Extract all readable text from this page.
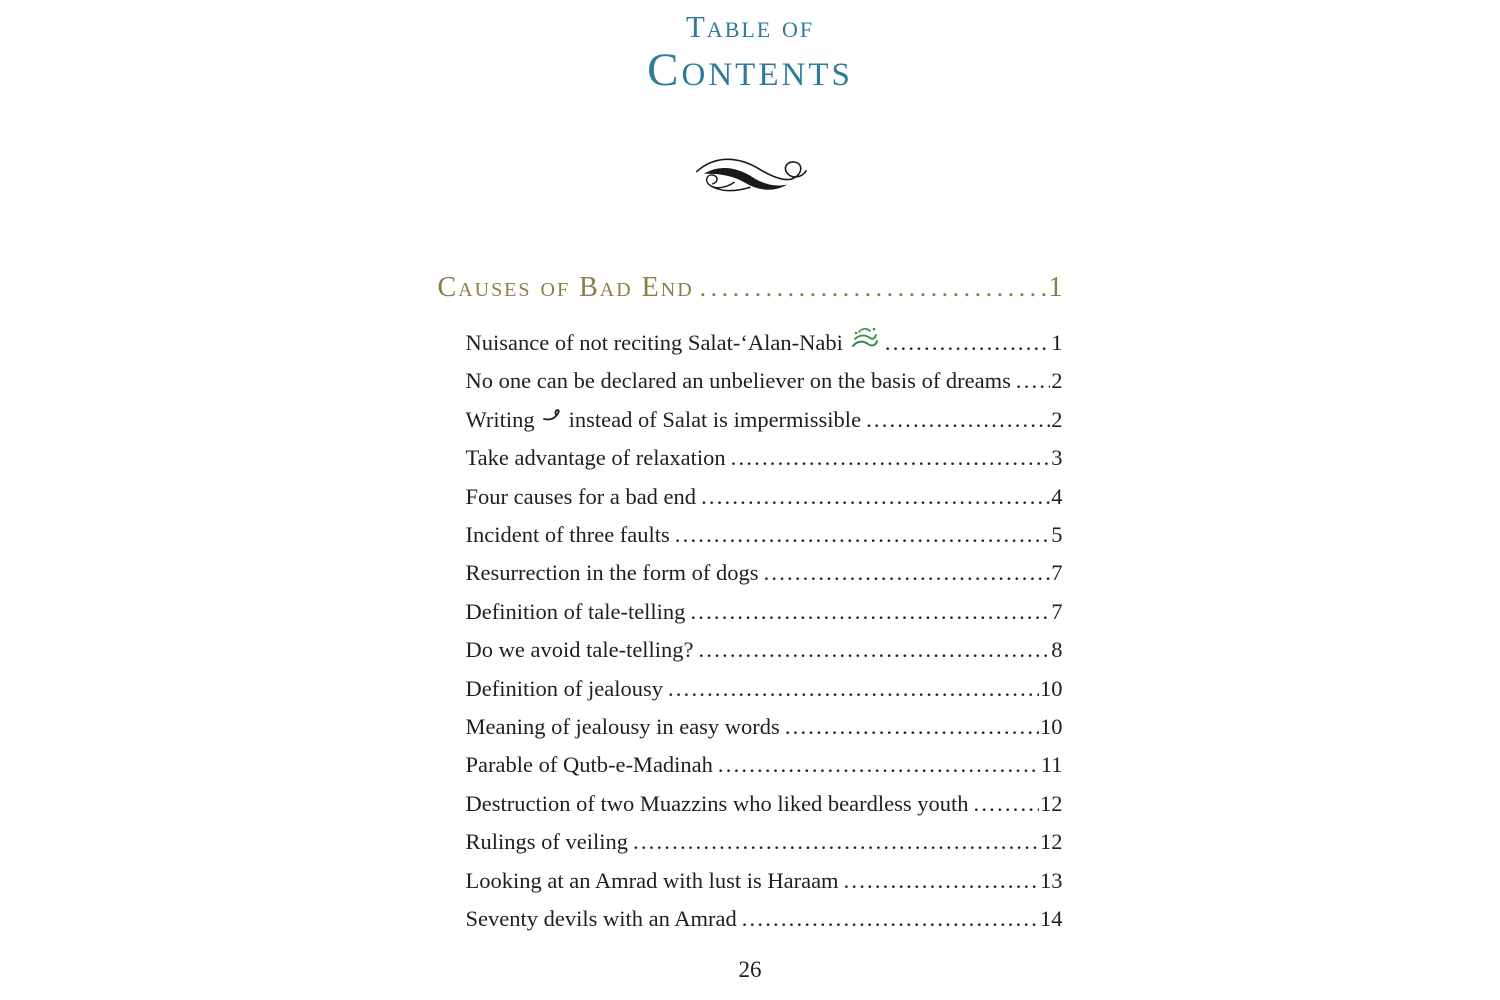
Table of
Contents
Causes of Bad End .....	1
Nuisance of not reciting Salat-‘Alan-Nabi .....	1
No one can be declared an unbeliever on the basis of dreams ..... 2
Writing instead of Salat is impermissible .....	2
Take advantage of relaxation .....	3
Four causes for a bad end .....	4
Incident of three faults .....	5
Resurrection in the form of dogs .....	7
Definition of tale-telling .....	7
Do we avoid tale-telling? .....	8
Definition of jealousy .....	10
Meaning of jealousy in easy words .....	10
Parable of Qutb-e-Madinah .....	11
Destruction of two Muazzins who liked beardless youth .....	12
Rulings of veiling .....	12
Looking at an Amrad with lust is Haraam .....	13
Seventy devils with an Amrad .....	14
26
